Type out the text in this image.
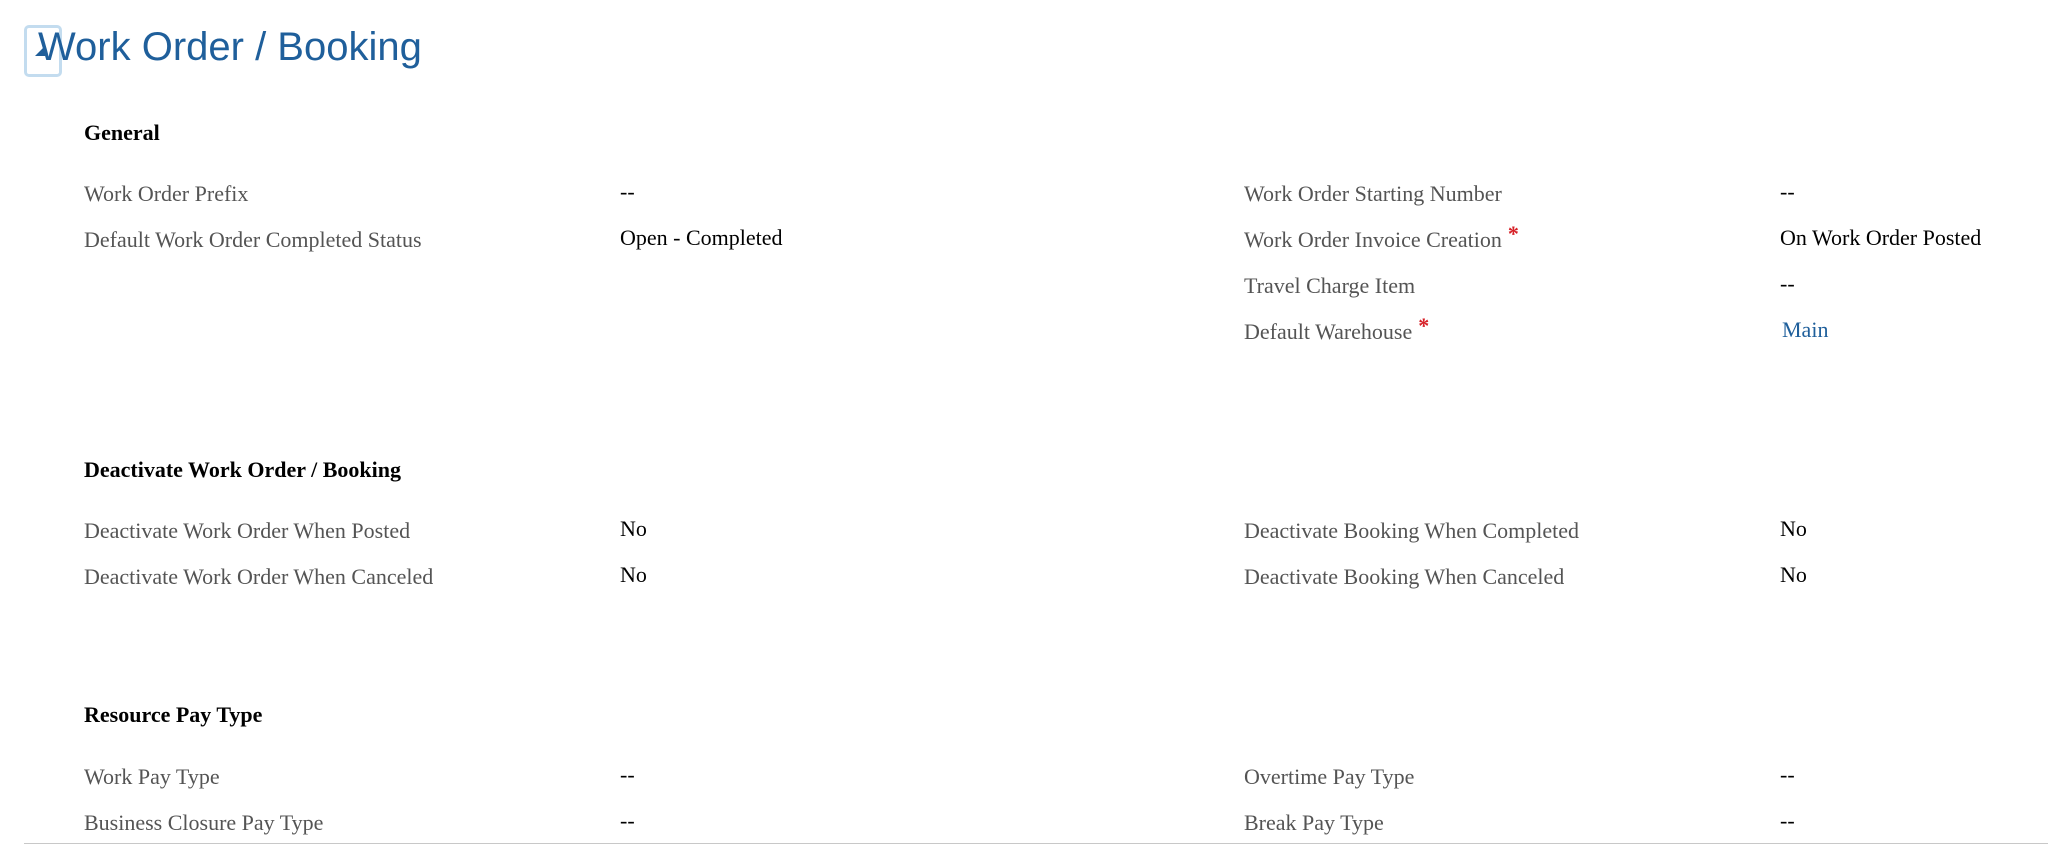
Work Order / Booking
General
Work Order Prefix	--
Default Work Order Completed Status	Open - Completed
Work Order Starting Number	--
Work Order Invoice Creation *	On Work Order Posted
Travel Charge Item	--
Default Warehouse *	Main
Deactivate Work Order / Booking
Deactivate Work Order When Posted	No
Deactivate Work Order When Canceled	No
Deactivate Booking When Completed	No
Deactivate Booking When Canceled	No
Resource Pay Type
Work Pay Type	--
Business Closure Pay Type	--
Overtime Pay Type	--
Break Pay Type	--
